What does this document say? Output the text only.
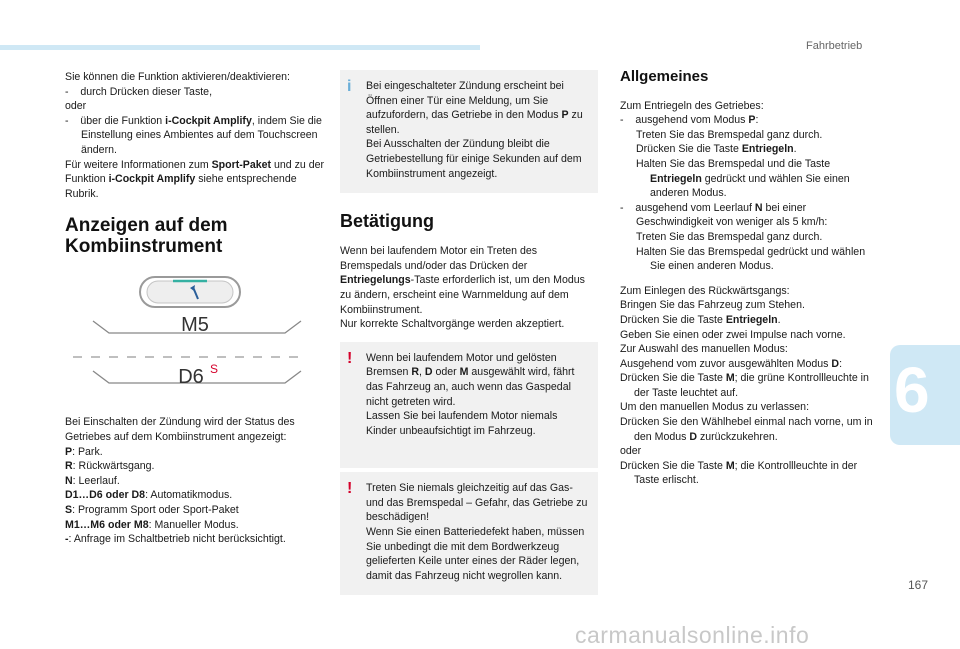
Fahrbetrieb

Sie können die Funktion aktivieren/deaktivieren:

- durch Drücken dieser Taste,

oder

- über die Funktion i-Cockpit Amplify, indem Sie die Einstellung eines Ambientes auf dem Touchscreen ändern.

Für weitere Informationen zum Sport-Paket und zu der Funktion i-Cockpit Amplify siehe entsprechende Rubrik.

Anzeigen auf dem Kombiinstrument
M5
D6 S

Bei Einschalten der Zündung wird der Status des Getriebes auf dem Kombiinstrument angezeigt:

P: Park.

R: Rückwärtsgang.

N: Leerlauf.

D1…D6 oder D8: Automatikmodus.

S: Programm Sport oder Sport-Paket

M1…M6 oder M8: Manueller Modus.

-: Anfrage im Schaltbetrieb nicht berücksichtigt.

i Bei eingeschalteter Zündung erscheint bei Öffnen einer Tür eine Meldung, um Sie aufzufordern, das Getriebe in den Modus P zu stellen.

Bei Ausschalten der Zündung bleibt die Getriebestellung für einige Sekunden auf dem Kombiinstrument angezeigt.

Betätigung

Wenn bei laufendem Motor ein Treten des Bremspedals und/oder das Drücken der Entriegelungs-Taste erforderlich ist, um den Modus zu ändern, erscheint eine Warnmeldung auf dem Kombiinstrument.

Nur korrekte Schaltvorgänge werden akzeptiert.

! Wenn bei laufendem Motor und gelösten Bremsen R, D oder M ausgewählt wird, fährt das Fahrzeug an, auch wenn das Gaspedal nicht getreten wird.

Lassen Sie bei laufendem Motor niemals Kinder unbeaufsichtigt im Fahrzeug.

! Treten Sie niemals gleichzeitig auf das Gas- und das Bremspedal – Gefahr, das Getriebe zu beschädigen!

Wenn Sie einen Batteriedefekt haben, müssen Sie unbedingt die mit dem Bordwerkzeug gelieferten Keile unter eines der Räder legen, damit das Fahrzeug nicht wegrollen kann.

Allgemeines

Zum Entriegeln des Getriebes:

- ausgehend vom Modus P:

Treten Sie das Bremspedal ganz durch.

Drücken Sie die Taste Entriegeln.

Halten Sie das Bremspedal und die Taste Entriegeln gedrückt und wählen Sie einen anderen Modus.

- ausgehend vom Leerlauf N bei einer Geschwindigkeit von weniger als 5 km/h:

Treten Sie das Bremspedal ganz durch.

Halten Sie das Bremspedal gedrückt und wählen Sie einen anderen Modus.

Zum Einlegen des Rückwärtsgangs:

Bringen Sie das Fahrzeug zum Stehen.

Drücken Sie die Taste Entriegeln.

Geben Sie einen oder zwei Impulse nach vorne.

Zur Auswahl des manuellen Modus:

Ausgehend vom zuvor ausgewählten Modus D:

Drücken Sie die Taste M; die grüne Kontrollleuchte in der Taste leuchtet auf.

Um den manuellen Modus zu verlassen:

Drücken Sie den Wählhebel einmal nach vorne, um in den Modus D zurückzukehren.

oder

Drücken Sie die Taste M; die Kontrollleuchte in der Taste erlischt.

6
167
carmanualsonline.info
